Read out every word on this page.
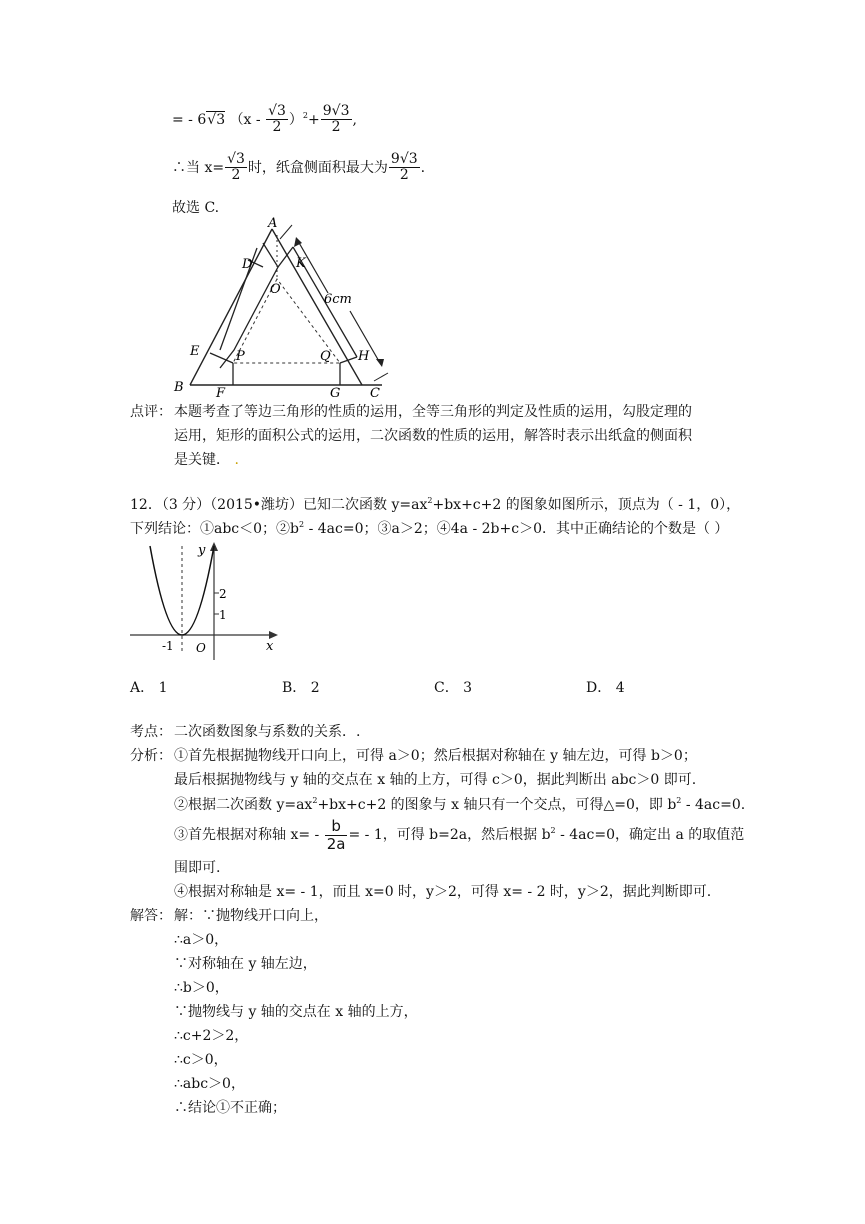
= - 6√3 $(x - \frac{√3}{2} )^2+ \frac{9√3}{2}$ ,
∴当 $x= \frac{√3}{2}$ 时，纸盒侧面积最大为 $\frac{9√3}{2}$ .
故选 C.
A
D	K
O
6cm
E	P	Q H
B F	G C
点评： 本题考查了等边三角形的性质的运用，全等三角形的判定及性质的运用，勾股定理的
运用，矩形的面积公式的运用，二次函数的性质的运用，解答时表示出纸盒的侧面积
是关键． .
12．（3 分）（2015•潍坊）已知二次函数 $y=ax^2+bx+c+2$ 的图象如图所示，顶点为（ - 1，0），
下列结论：①abc＜0；$②b^2 - 4ac=0$；③a＞2；④4a - 2b+c＞0．其中正确结论的个数是（ ）
y
x
O
-1
2
1
A． 1	B． 2	C． 3	D． 4
考点： 二次函数图象与系数的关系．.
分析： ①首先根据抛物线开口向上，可得 a＞0；然后根据对称轴在 y 轴左边，可得 b＞0；
最后根据抛物线与 y 轴的交点在 x 轴的上方，可得 c＞0，据此判断出 abc＞0 即可.
②根据二次函数 $y=ax^2+bx+c+2$ 的图象与 x 轴只有一个交点，可得△=0，即 $b^2 - 4ac=0$.
③首先根据对称轴 $x= - \frac{b}{2a}$ = - 1，可得 b=2a，然后根据 $b^2 - 4ac=0$，确定出 a 的取值范
围即可.
④根据对称轴是 x= - 1，而且 x=0 时，y＞2，可得 x= - 2 时，y＞2，据此判断即可.
解答： 解：∵抛物线开口向上，
∴a＞0，
∵对称轴在 y 轴左边，
∴b＞0，
∵抛物线与 y 轴的交点在 x 轴的上方，
∴c+2＞2，
∴c＞0，
∴abc＞0，
∴结论①不正确；
